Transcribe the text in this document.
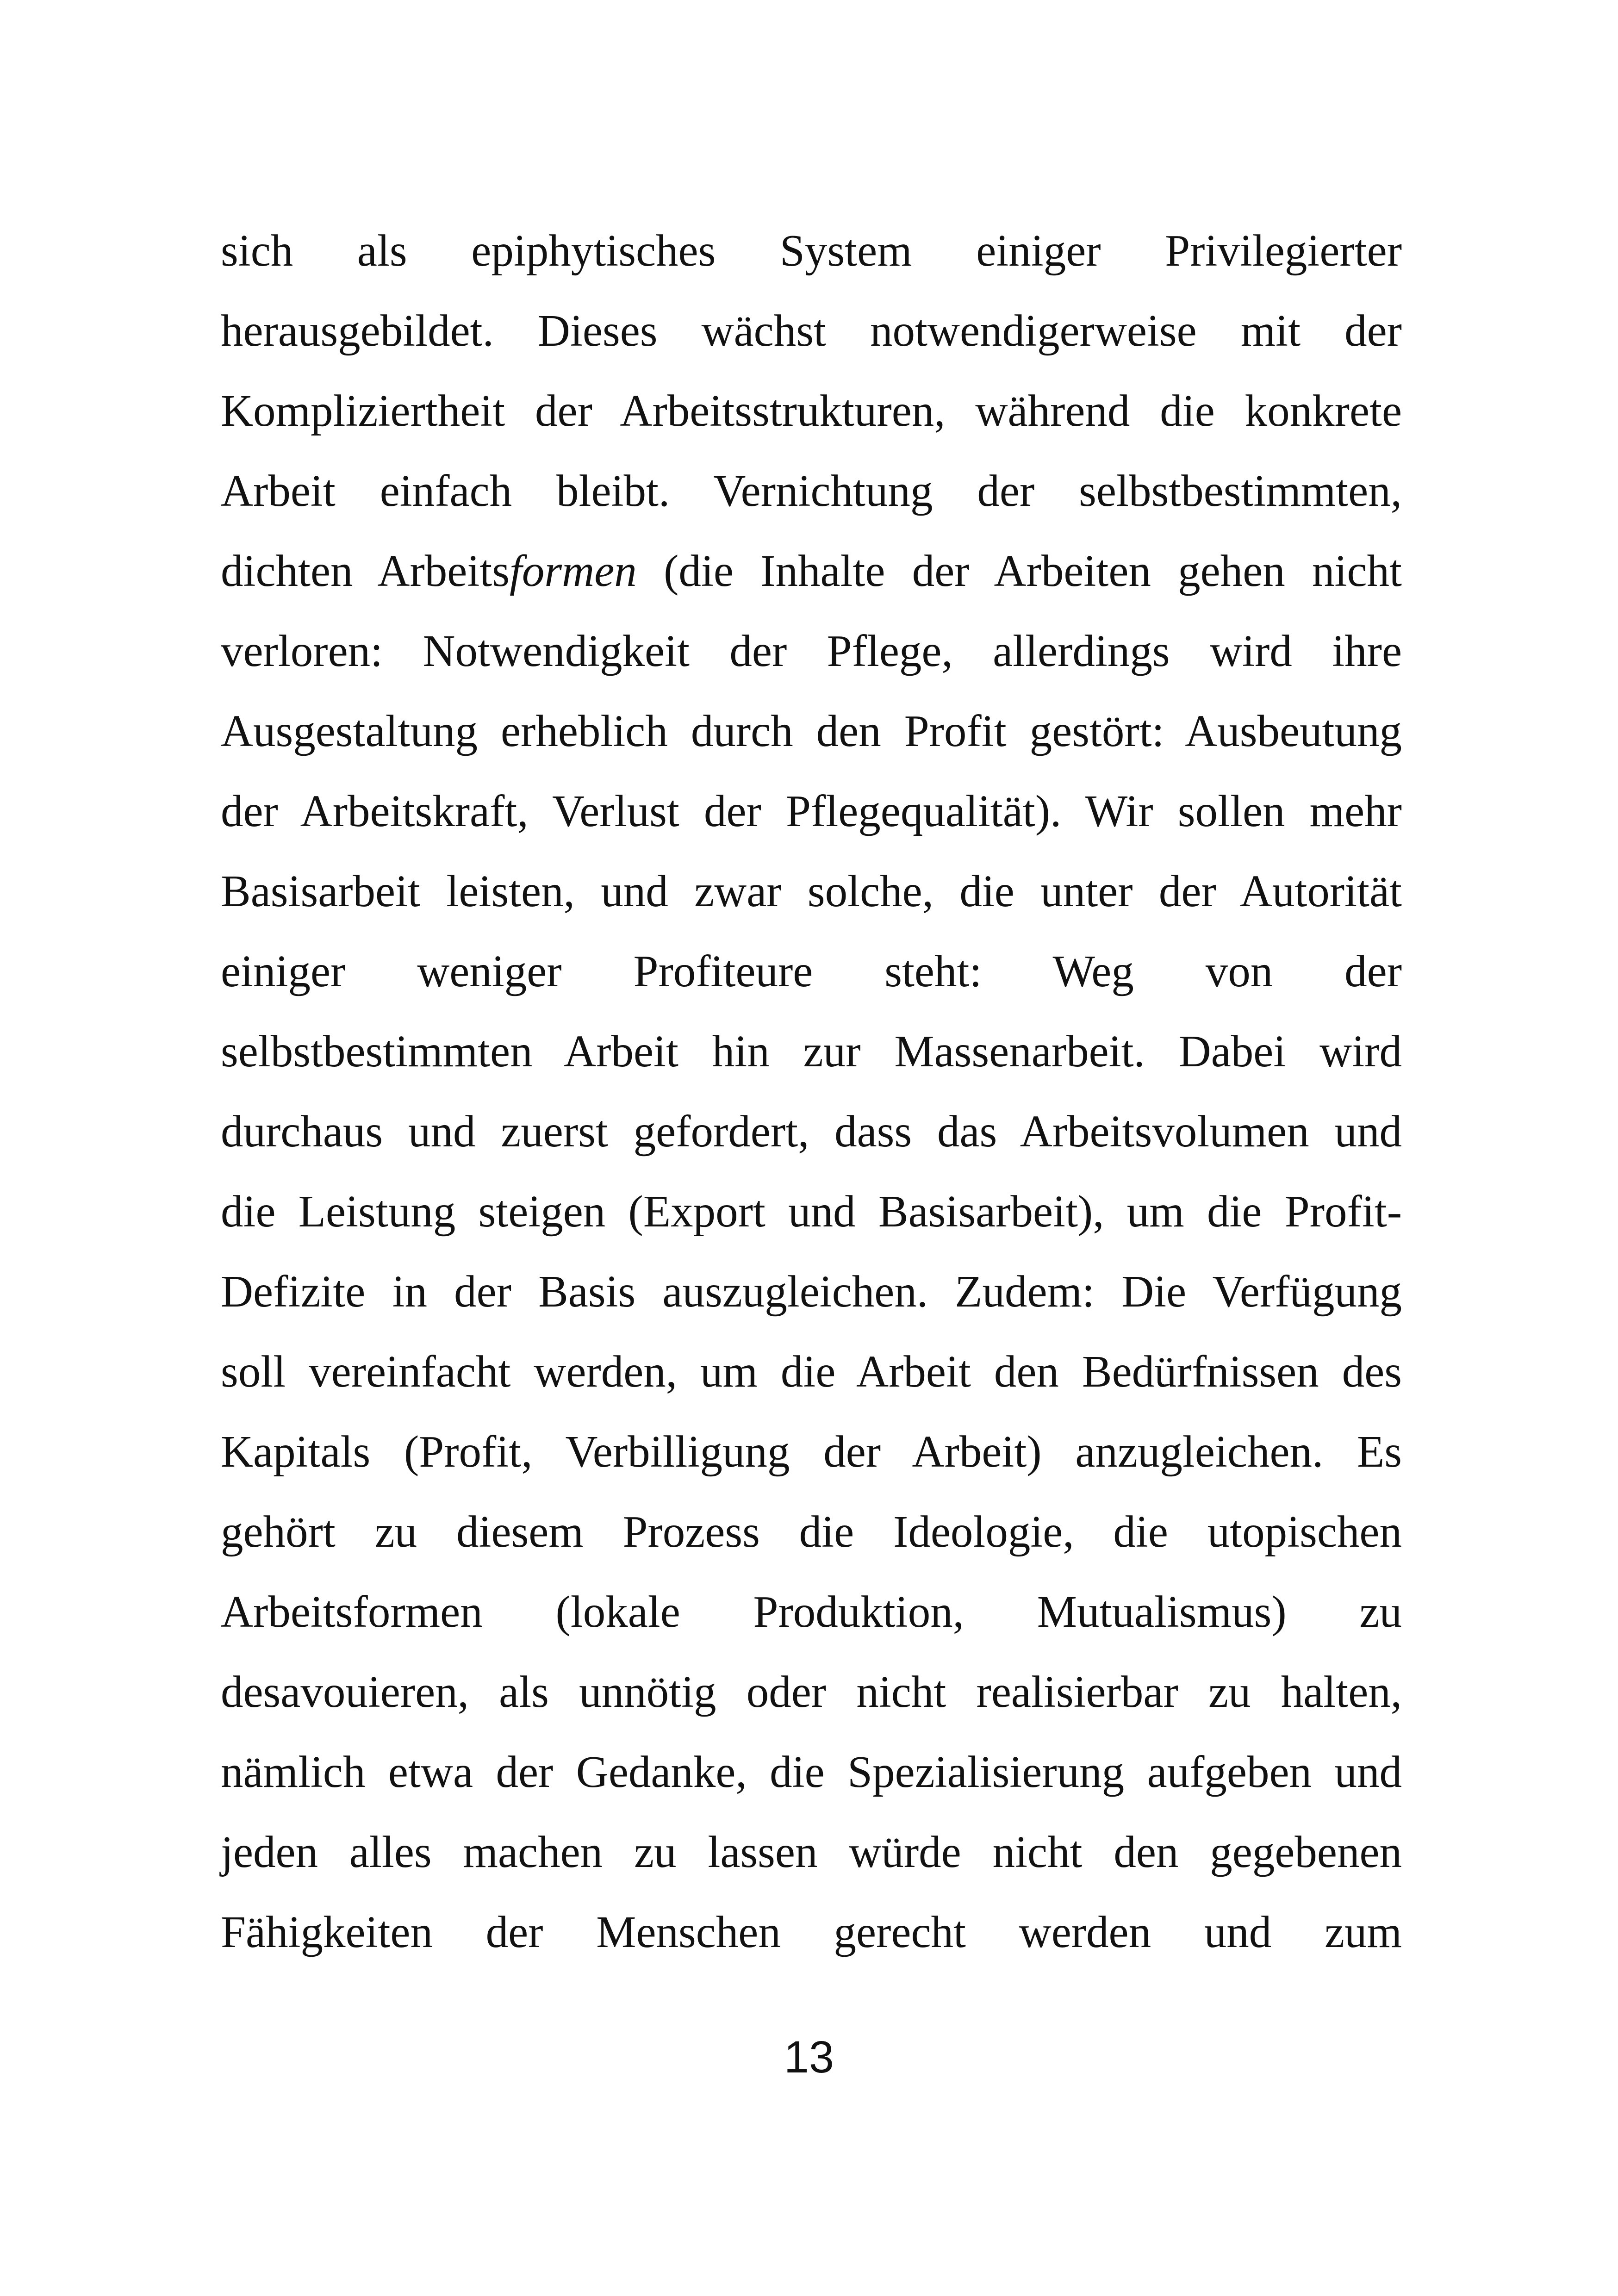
sich als epiphytisches System einiger Privilegierter
herausgebildet. Dieses wächst notwendigerweise mit der
Kompliziertheit der Arbeitsstrukturen, während die konkrete
Arbeit einfach bleibt. Vernichtung der selbstbestimmten,
dichten Arbeitsformen (die Inhalte der Arbeiten gehen nicht
verloren: Notwendigkeit der Pflege, allerdings wird ihre
Ausgestaltung erheblich durch den Profit gestört: Ausbeutung
der Arbeitskraft, Verlust der Pflegequalität). Wir sollen mehr
Basisarbeit leisten, und zwar solche, die unter der Autorität
einiger weniger Profiteure steht: Weg von der
selbstbestimmten Arbeit hin zur Massenarbeit. Dabei wird
durchaus und zuerst gefordert, dass das Arbeitsvolumen und
die Leistung steigen (Export und Basisarbeit), um die Profit-
Defizite in der Basis auszugleichen. Zudem: Die Verfügung
soll vereinfacht werden, um die Arbeit den Bedürfnissen des
Kapitals (Profit, Verbilligung der Arbeit) anzugleichen. Es
gehört zu diesem Prozess die Ideologie, die utopischen
Arbeitsformen (lokale Produktion, Mutualismus) zu
desavouieren, als unnötig oder nicht realisierbar zu halten,
nämlich etwa der Gedanke, die Spezialisierung aufgeben und
jeden alles machen zu lassen würde nicht den gegebenen
Fähigkeiten der Menschen gerecht werden und zum
13
